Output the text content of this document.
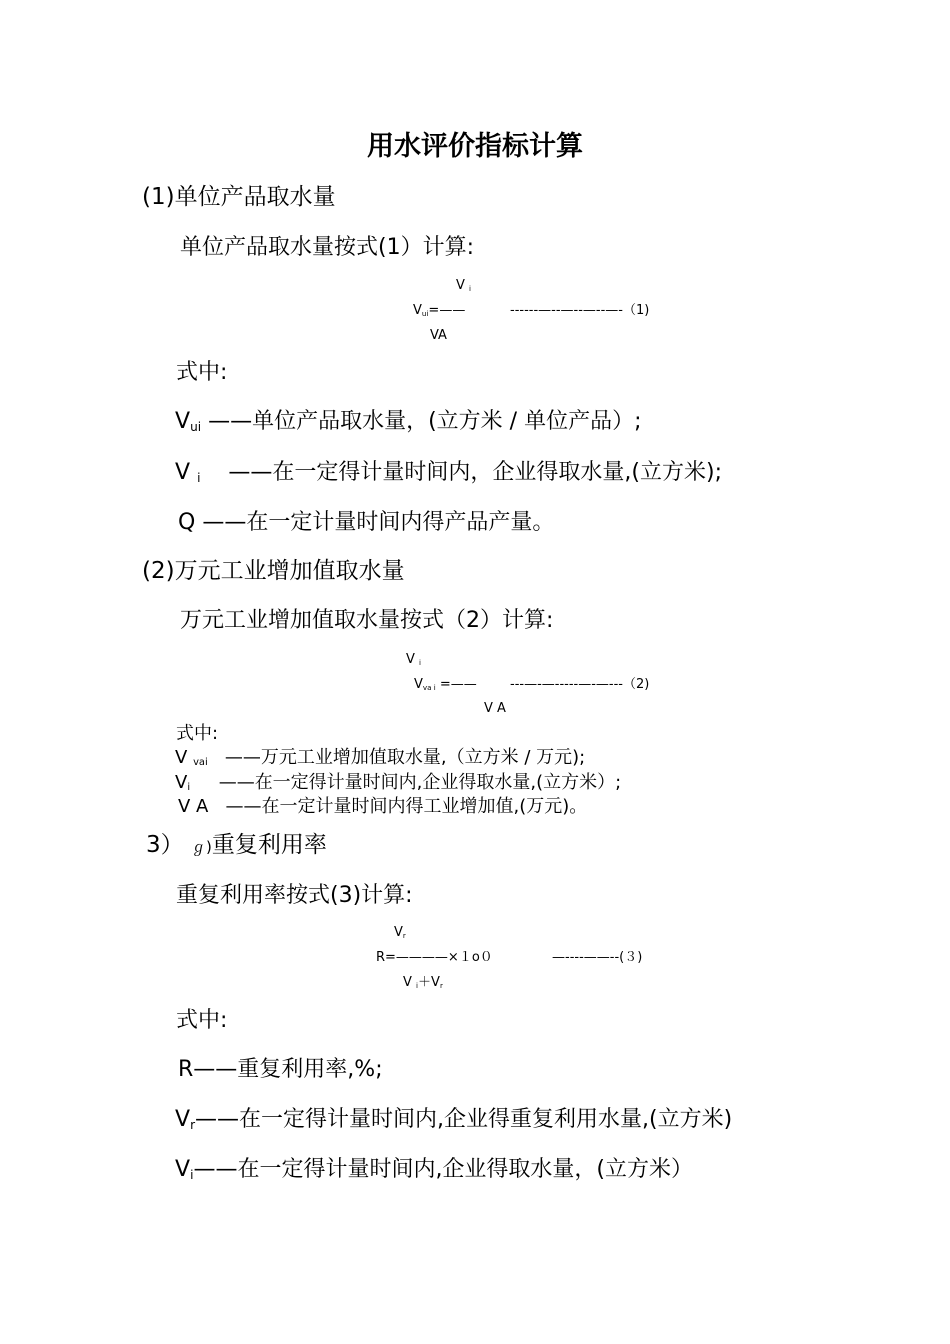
用水评价指标计算
(1)单位产品取水量
单位产品取水量按式(1）计算:
V $_i$
$V_{ui}=——$	------—--—--—--—-（1)
VA
式中:
$V_{ui}$ ——单位产品取水量，(立方米 / 单位产品）;
V $_i$ ——在一定得计量时间内，企业得取水量,(立方米);
Q ——在一定计量时间内得产品产量。
(2)万元工业增加值取水量
万元工业增加值取水量按式（2）计算:
V $_i$
$V_{va i}$ =——	---—-—-----—-—---（2)
V A
式中:
V $_{vai}$ ——万元工业增加值取水量,（立方米 / 万元);
$V_i$ ——在一定得计量时间内,企业得取水量,(立方米）;
V A ——在一定计量时间内得工业增加值,(万元)。
3） ℊ)重复利用率
重复利用率按式(3)计算:
$V_r$
R=————×１o０	—----——--(３)
V $_i+V_r$
式中:
R——重复利用率,%;
$V_r——$在一定得计量时间内,企业得重复利用水量,(立方米)
$V_i——$在一定得计量时间内,企业得取水量，(立方米）
